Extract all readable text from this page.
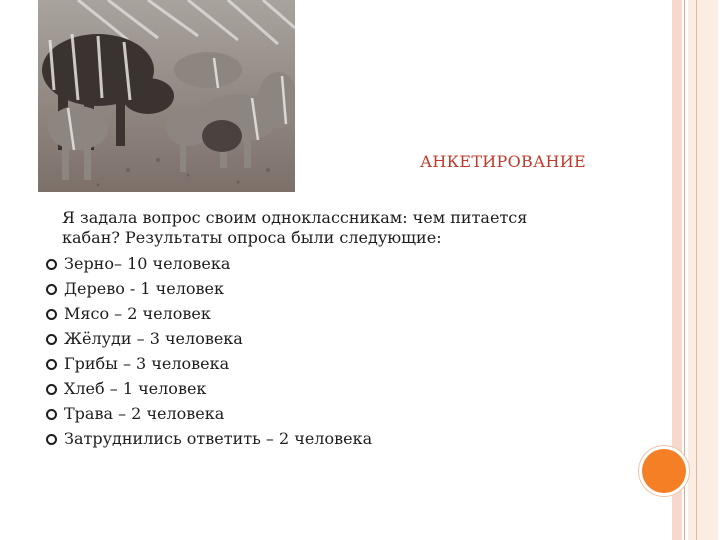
АНКЕТИРОВАНИЕ
Я задала вопрос своим одноклассникам: чем питается
кабан? Результаты опроса были следующие:
Зерно– 10 человека
Дерево - 1 человек
Мясо – 2 человек
Жёлуди – 3 человека
Грибы – 3 человека
Хлеб – 1 человек
Трава – 2 человека
Затруднились ответить – 2 человека
